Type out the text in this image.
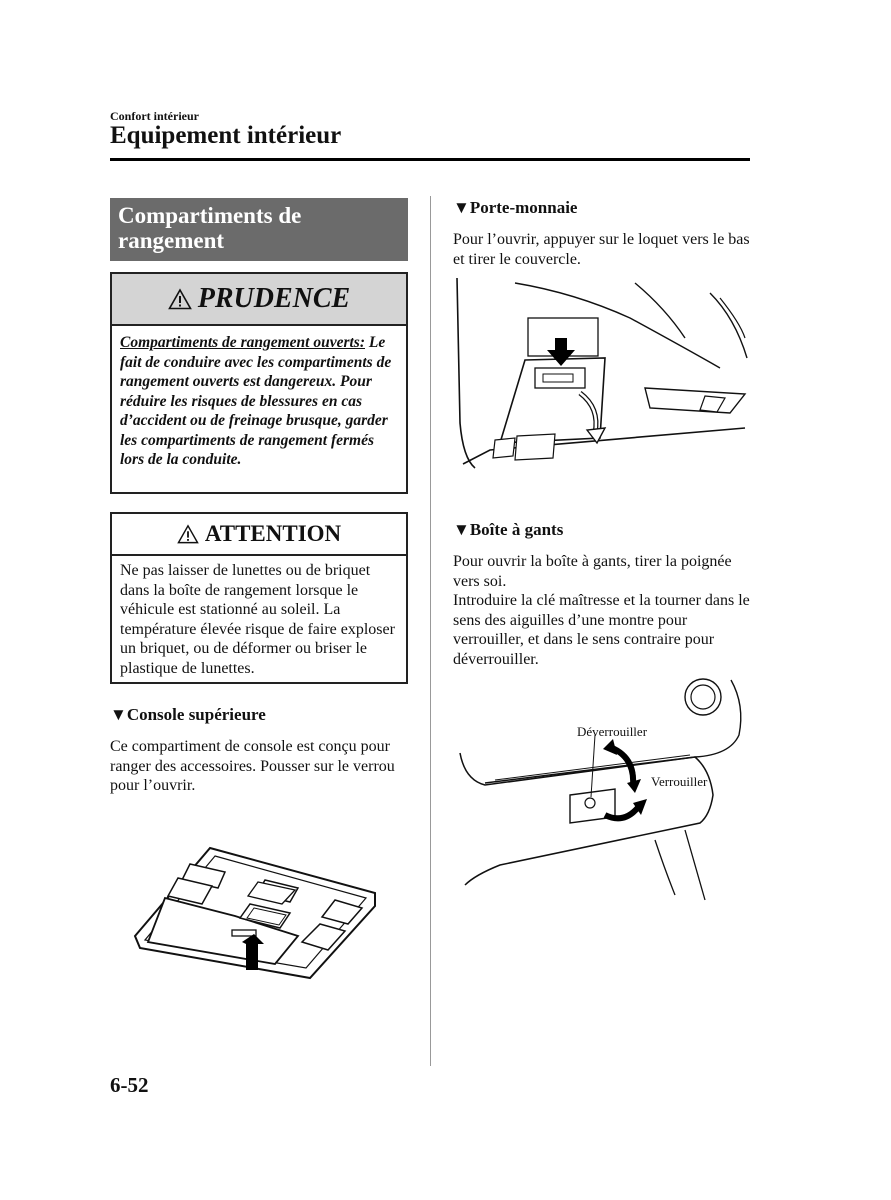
Confort intérieur
Equipement intérieur
Compartiments de
rangement
PRUDENCE
Compartiments de rangement ouverts: Le fait de conduire avec les compartiments de rangement ouverts est dangereux. Pour réduire les risques de blessures en cas d’accident ou de freinage brusque, garder les compartiments de rangement fermés lors de la conduite.
ATTENTION
Ne pas laisser de lunettes ou de briquet dans la boîte de rangement lorsque le véhicule est stationné au soleil. La température élevée risque de faire exploser un briquet, ou de déformer ou briser le plastique de lunettes.
▼Console supérieure
Ce compartiment de console est conçu pour ranger des accessoires. Pousser sur le verrou pour l’ouvrir.
6-52
▼Porte-monnaie
Pour l’ouvrir, appuyer sur le loquet vers le bas et tirer le couvercle.
▼Boîte à gants
Pour ouvrir la boîte à gants, tirer la poignée vers soi.
Introduire la clé maîtresse et la tourner dans le sens des aiguilles d’une montre pour verrouiller, et dans le sens contraire pour déverrouiller.
Déverrouiller
Verrouiller
